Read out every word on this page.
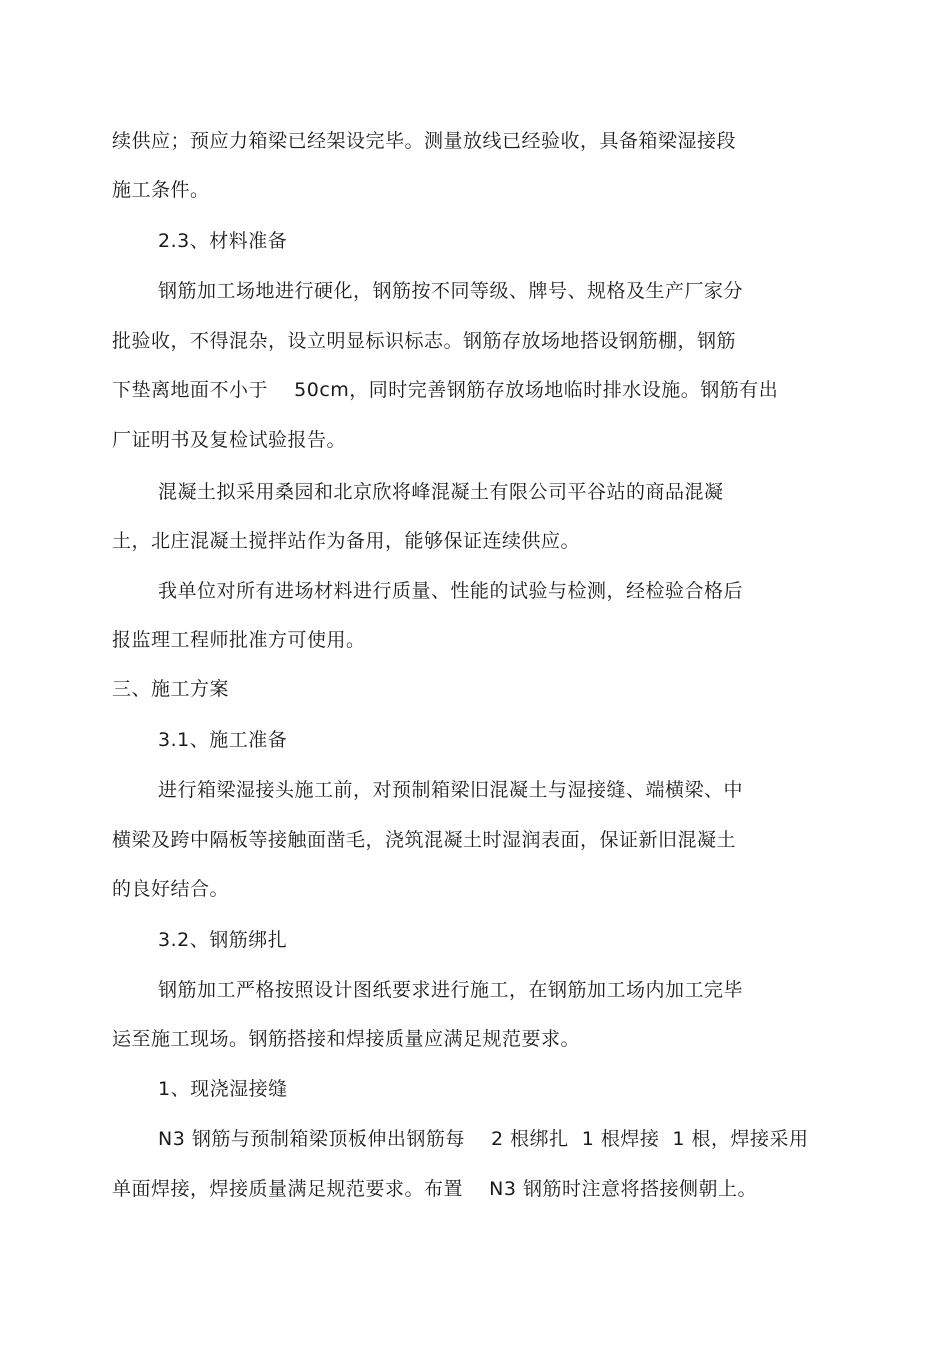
续供应；预应力箱梁已经架设完毕。测量放线已经验收，具备箱梁湿接段
施工条件。
2.3、材料准备
钢筋加工场地进行硬化，钢筋按不同等级、牌号、规格及生产厂家分
批验收，不得混杂，设立明显标识标志。钢筋存放场地搭设钢筋棚，钢筋
下垫离地面不小于    50cm，同时完善钢筋存放场地临时排水设施。钢筋有出
厂证明书及复检试验报告。
混凝土拟采用桑园和北京欣将峰混凝土有限公司平谷站的商品混凝
土，北庄混凝土搅拌站作为备用，能够保证连续供应。
我单位对所有进场材料进行质量、性能的试验与检测，经检验合格后
报监理工程师批准方可使用。
三、施工方案
3.1、施工准备
进行箱梁湿接头施工前，对预制箱梁旧混凝土与湿接缝、端横梁、中
横梁及跨中隔板等接触面凿毛，浇筑混凝土时湿润表面，保证新旧混凝土
的良好结合。
3.2、钢筋绑扎
钢筋加工严格按照设计图纸要求进行施工，在钢筋加工场内加工完毕
运至施工现场。钢筋搭接和焊接质量应满足规范要求。
1、现浇湿接缝
N3 钢筋与预制箱梁顶板伸出钢筋每    2 根绑扎  1 根焊接  1 根，焊接采用
单面焊接，焊接质量满足规范要求。布置    N3 钢筋时注意将搭接侧朝上。
